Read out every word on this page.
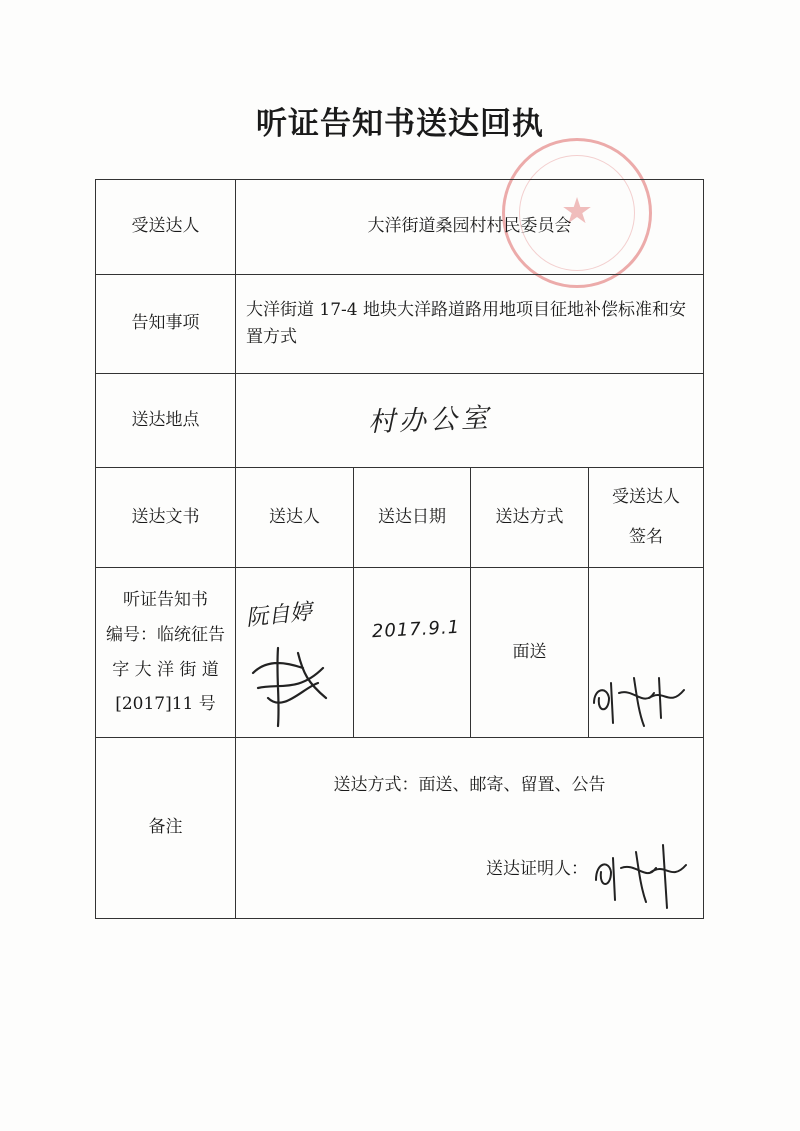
★
听证告知书送达回执
受送达人	大洋街道桑园村村民委员会			
告知事项	大洋街道 17-4 地块大洋路道路用地项目征地补偿标准和安置方式			
送达地点	村办公室			
送达文书	送达人	送达日期	送达方式	受送达人
签名

听证告知书
编号：临统征告
字 大 洋 街 道
[2017]11 号	阮自婷	2017.9.1	面送	

备注	送达方式：面送、邮寄、留置、公告
送达证明人：			
